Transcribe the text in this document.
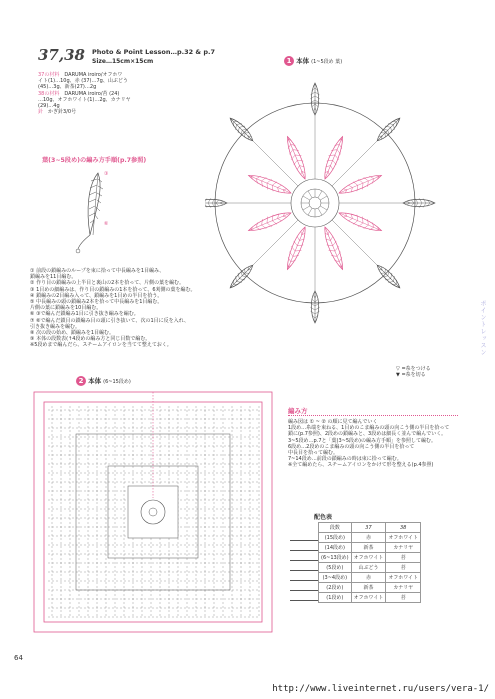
37,38 Photo & Point Lesson…p.32 & p.7
Size…15cm×15cm
37の材料　 DARUMA iroiro/オフホワ
イト(1)…10g、赤 (37)…7g、山ぶどう
(45)…3g、新茶(27)…2g
38の材料　 DARUMA iroiro/苔 (24)
…10g、オフホワイト(1)…2g、カナリヤ
(29)…4g
針　 かぎ針3/0号
葉(3~5段め)の編み方手順(p.7参照)
③
⑥
① 前段の鎖編みのループを束に拾って中長編みを1目編み、
鎖編みを11目編む。
② 作り目の鎖編みの上半目と裏山の2本を拾って、片側の葉を編む。
③ 1目めの細編みは、作り目の鎖編みの1本を拾って、6刈側の葉を編む。
④ 鎖編みの2目編み入って、鎖編みを1目めの半目を拾う。
⑤ 中長編みの頭の鎖編み2本を拾って中長編みを1目編む。
片側の葉に鎖編みを10目編む。
⑥ ③で編んだ鎖編み1目に引き抜き編みを編む。
⑦ ⑥で編んだ鎖目の鎖編み目の頭に引き抜いて、次の1目に反を入れ、
引き抜き編みを編む。
⑧ 次の段の始め、鎖編みを1目編む。
⑨ 本体の段数表(↑4段めの編み方と同じ目数で編む。
※5段めまで編んだら、スチームアイロンを当てて整えておく。
1 本体 (1~5段め 葉)
▽ =糸をつける
▼ =糸を切る
2 本体 (6~15段め)
編み方
編み図は ① ~ ② の順に見て編んでいく
1段め…糸端を束ねる、1目めのこま編みの頭の向こう側の半目を拾って
鎖に(p.7参照)、2段めの鎖編みと、3段めは細長く並んで編んでいく。
3~5段め…p.7と「葉(3~5段め)の編み方手順」を参照して編む。
6段め…2段めのこま編みの頭の向こう側の半目を拾って
中長目を拾って編む。
7~14段め…前段の鎖編みの時は束に拾って編む。
※全て編めたら、スチームアイロンをかけて形を整える(p.4参照)
配色表
段数	37	38
(15段め)	赤	オフホワイト
(14段め)	新茶	カナリヤ
(6~13段め)	オフホワイト	苔
(5段め)	山ぶどう	苔
(3~4段め)	赤	オフホワイト
(2段め)	新茶	カナリヤ
(1段め)	オフホワイト	苔
ポイントレッスン
64
http://www.liveinternet.ru/users/vera-1/
